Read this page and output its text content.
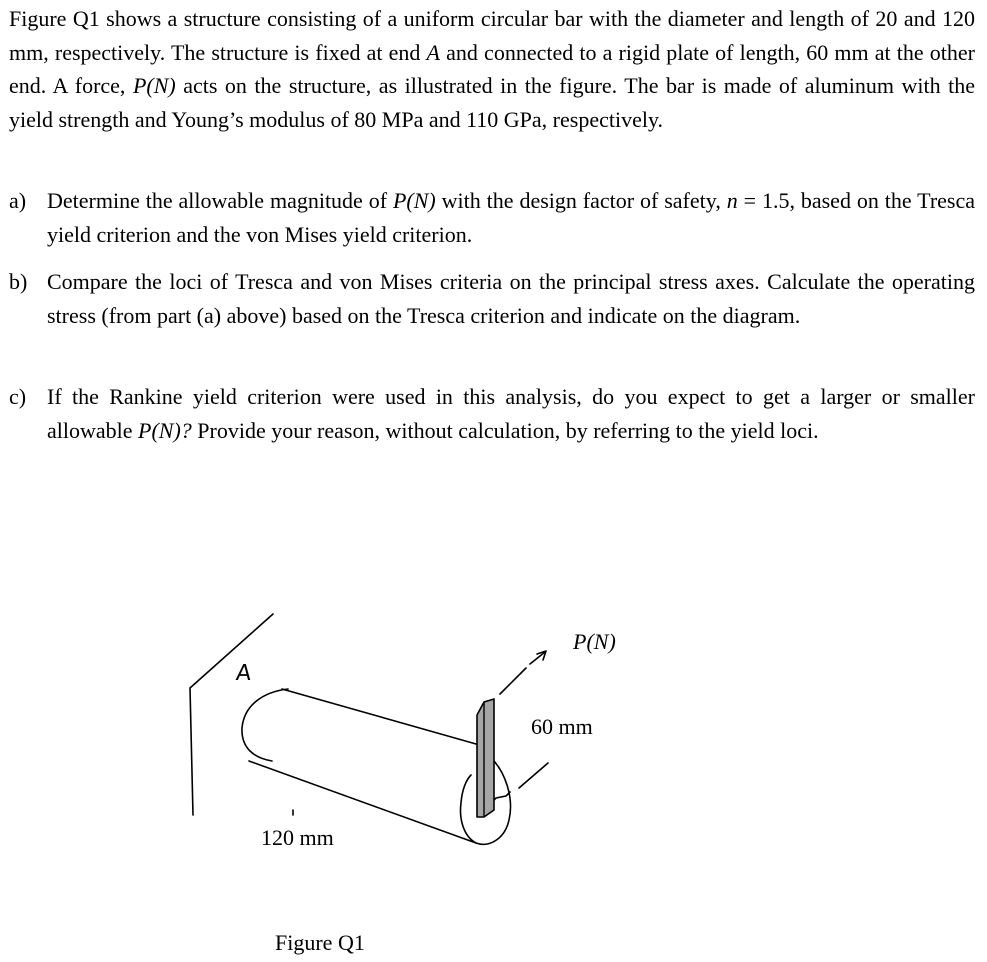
Figure Q1 shows a structure consisting of a uniform circular bar with the diameter and length of 20 and 120 mm, respectively. The structure is fixed at end A and connected to a rigid plate of length, 60 mm at the other end. A force, P(N) acts on the structure, as illustrated in the figure. The bar is made of aluminum with the yield strength and Young’s modulus of 80 MPa and 110 GPa, respectively.

a) Determine the allowable magnitude of P(N) with the design factor of safety, n = 1.5, based on the Tresca yield criterion and the von Mises yield criterion.
b) Compare the loci of Tresca and von Mises criteria on the principal stress axes. Calculate the operating stress (from part (a) above) based on the Tresca criterion and indicate on the diagram.
c) If the Rankine yield criterion were used in this analysis, do you expect to get a larger or smaller allowable P(N)? Provide your reason, without calculation, by referring to the yield loci.
A
P(N)
60 mm
120 mm
Figure Q1
